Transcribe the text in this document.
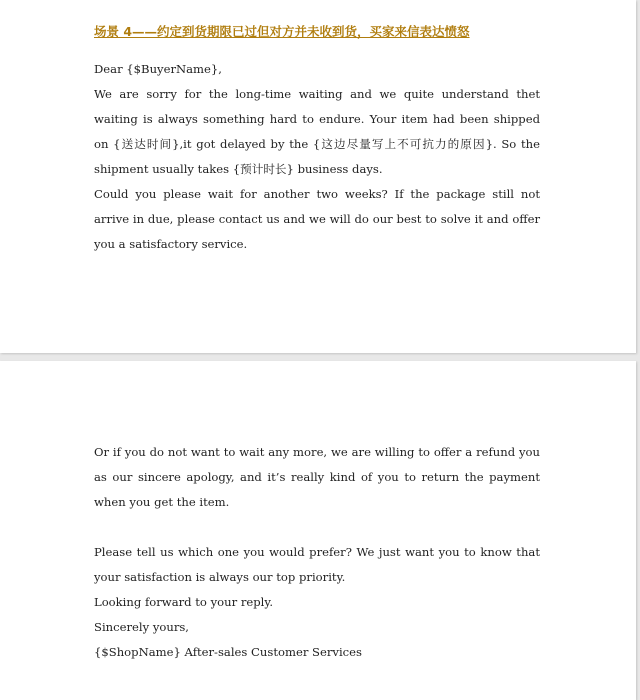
场景 4——约定到货期限已过但对方并未收到货，买家来信表达愤怒

Dear {$BuyerName},

We are sorry for the long-time waiting and we quite understand thet waiting is always something hard to endure. Your item had been shipped on {送达时间},it got delayed by the {这边尽量写上不可抗力的原因}. So the shipment usually takes {预计时长} business days.

Could you please wait for another two weeks? If the package still not arrive in due, please contact us and we will do our best to solve it and offer you a satisfactory service.

Or if you do not want to wait any more, we are willing to offer a refund you as our sincere apology, and it’s really kind of you to return the payment when you get the item.

Please tell us which one you would prefer? We just want you to know that your satisfaction is always our top priority.

Looking forward to your reply.

Sincerely yours,

{$ShopName} After-sales Customer Services
